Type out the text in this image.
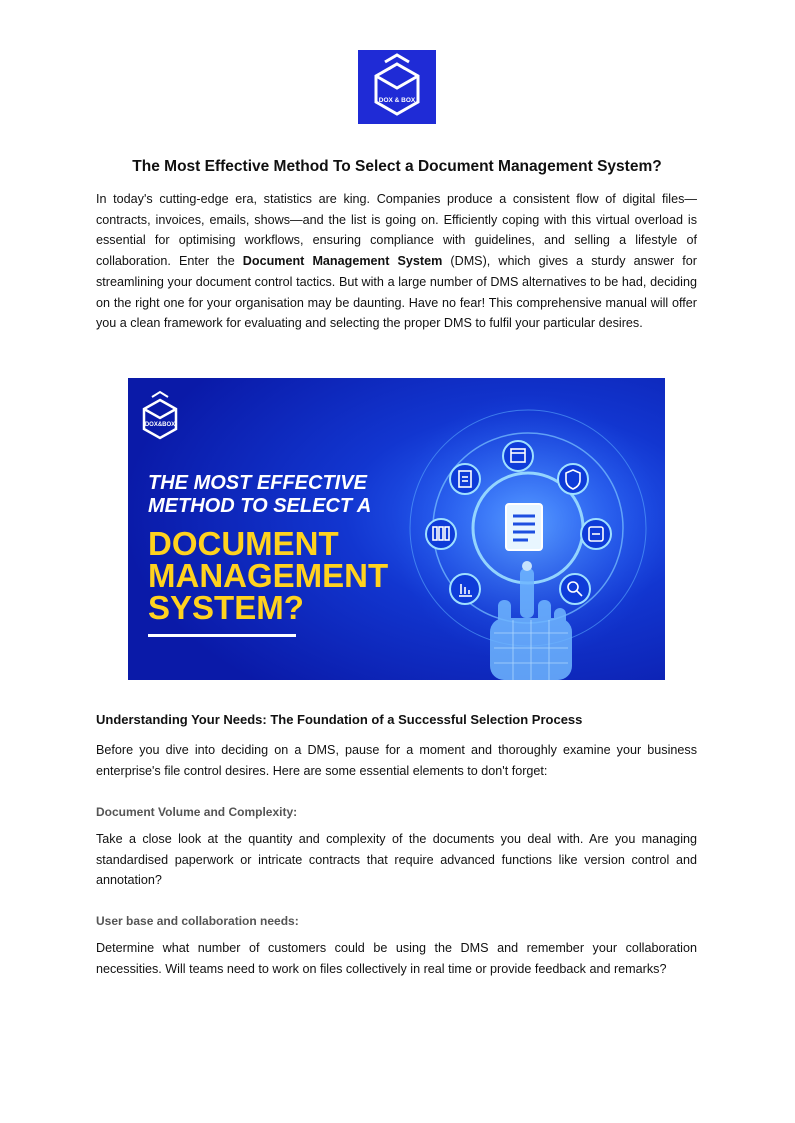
DOX & BOX
The Most Effective Method To Select a Document Management System?

In today's cutting-edge era, statistics are king. Companies produce a consistent flow of digital files—contracts, invoices, emails, shows—and the list is going on. Efficiently coping with this virtual overload is essential for optimising workflows, ensuring compliance with guidelines, and selling a lifestyle of collaboration. Enter the Document Management System (DMS), which gives a sturdy answer for streamlining your document control tactics. But with a large number of DMS alternatives to be had, deciding on the right one for your organisation may be daunting. Have no fear! This comprehensive manual will offer you a clean framework for evaluating and selecting the proper DMS to fulfil your particular desires.

DOX&BOX
THE MOST EFFECTIVE
METHOD TO SELECT A
DOCUMENT
MANAGEMENT
SYSTEM?
Understanding Your Needs: The Foundation of a Successful Selection Process

Before you dive into deciding on a DMS, pause for a moment and thoroughly examine your business enterprise's file control desires. Here are some essential elements to don't forget:

Document Volume and Complexity:

Take a close look at the quantity and complexity of the documents you deal with. Are you managing standardised paperwork or intricate contracts that require advanced functions like version control and annotation?

User base and collaboration needs:

Determine what number of customers could be using the DMS and remember your collaboration necessities. Will teams need to work on files collectively in real time or provide feedback and remarks?
